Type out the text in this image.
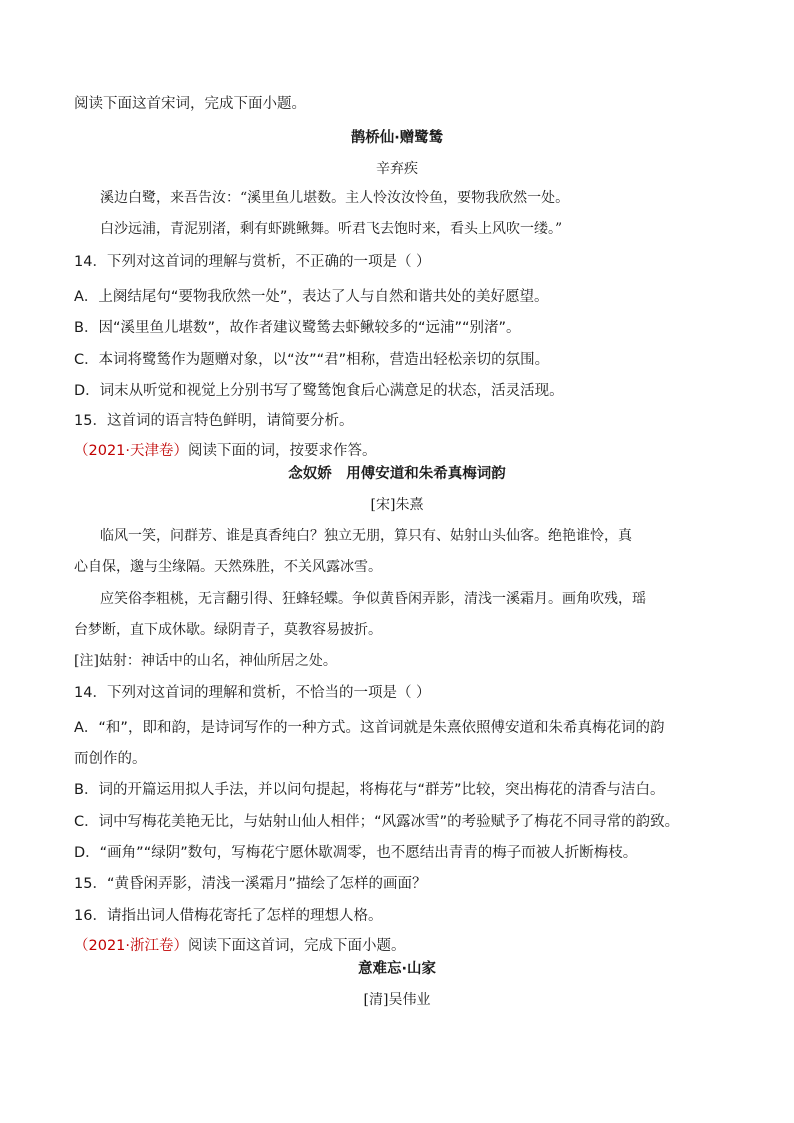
阅读下面这首宋词，完成下面小题。
鹊桥仙·赠鹭鸶
辛弃疾
溪边白鹭，来吾告汝：“溪里鱼儿堪数。主人怜汝汝怜鱼，要物我欣然一处。
白沙远浦，青泥别渚，剩有虾跳鳅舞。听君飞去饱时来，看头上风吹一缕。”
14．下列对这首词的理解与赏析，不正确的一项是（ ）
A．上阕结尾句“要物我欣然一处”，表达了人与自然和谐共处的美好愿望。
B．因“溪里鱼儿堪数”，故作者建议鹭鸶去虾鳅较多的“远浦”“别渚”。
C．本词将鹭鸶作为题赠对象，以“汝”“君”相称，营造出轻松亲切的氛围。
D．词末从听觉和视觉上分别书写了鹭鸶饱食后心满意足的状态，活灵活现。
15．这首词的语言特色鲜明，请简要分析。
（2021·天津卷）阅读下面的词，按要求作答。
念奴娇　用傅安道和朱希真梅词韵
[宋]朱熹
临风一笑，问群芳、谁是真香纯白？独立无朋，算只有、姑射山头仙客。绝艳谁怜，真
心自保，邈与尘缘隔。天然殊胜，不关风露冰雪。
应笑俗李粗桃，无言翻引得、狂蜂轻蝶。争似黄昏闲弄影，清浅一溪霜月。画角吹残，瑶
台梦断，直下成休歇。绿阴青子，莫教容易披折。
[注]姑射：神话中的山名，神仙所居之处。
14．下列对这首词的理解和赏析，不恰当的一项是（ ）
A．“和”，即和韵，是诗词写作的一种方式。这首词就是朱熹依照傅安道和朱希真梅花词的韵
而创作的。
B．词的开篇运用拟人手法，并以问句提起，将梅花与“群芳”比较，突出梅花的清香与洁白。
C．词中写梅花美艳无比，与姑射山仙人相伴；“风露冰雪”的考验赋予了梅花不同寻常的韵致。
D．“画角”“绿阴”数句，写梅花宁愿休歇凋零，也不愿结出青青的梅子而被人折断梅枝。
15．“黄昏闲弄影，清浅一溪霜月”描绘了怎样的画面？
16．请指出词人借梅花寄托了怎样的理想人格。
（2021·浙江卷）阅读下面这首词，完成下面小题。
意难忘·山家
[清]吴伟业
